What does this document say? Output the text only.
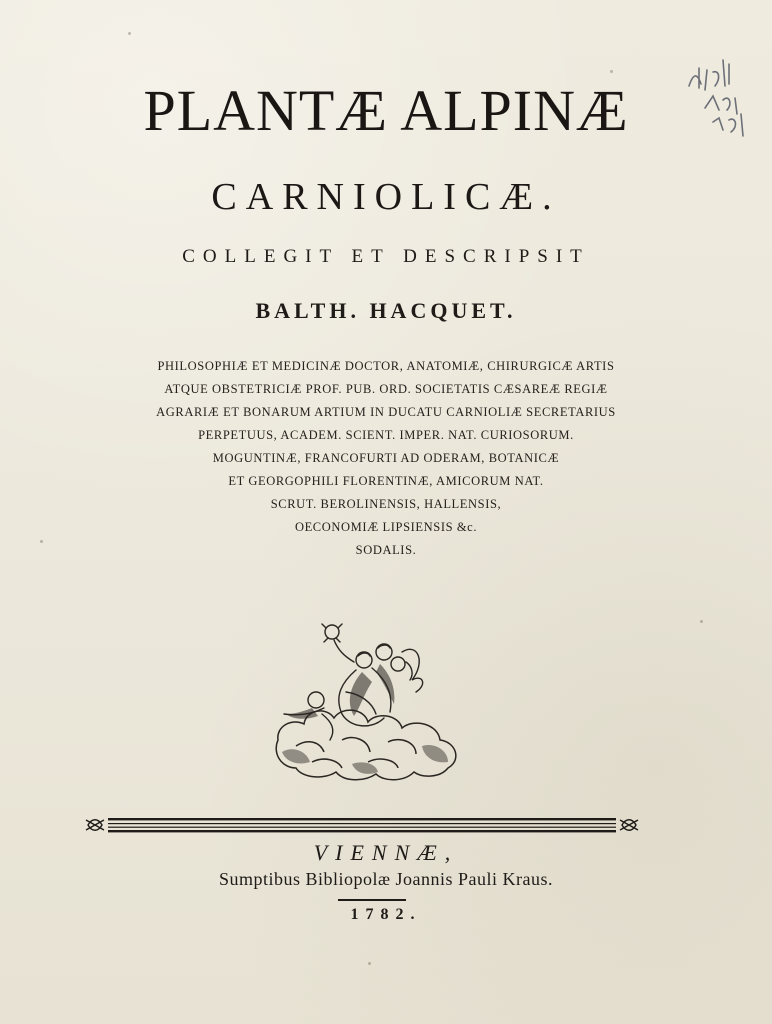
PLANTÆ ALPINÆ
CARNIOLICÆ.
COLLEGIT ET DESCRIPSIT
BALTH. HACQUET.
PHILOSOPHIÆ ET MEDICINÆ DOCTOR, ANATOMIÆ, CHIRURGICÆ ARTIS
ATQUE OBSTETRICIÆ PROF. PUB. ORD. SOCIETATIS CÆSAREÆ REGIÆ
AGRARIÆ ET BONARUM ARTIUM IN DUCATU CARNIOLIÆ SECRETARIUS
PERPETUUS, ACADEM. SCIENT. IMPER. NAT. CURIOSORUM.
MOGUNTINÆ, FRANCOFURTI AD ODERAM, BOTANICÆ
ET GEORGOPHILI FLORENTINÆ, AMICORUM NAT.
SCRUT. BEROLINENSIS, HALLENSIS,
OECONOMIÆ LIPSIENSIS &c.
SODALIS.
VIENNÆ,
Sumptibus Bibliopolæ Joannis Pauli Kraus.
1782.
